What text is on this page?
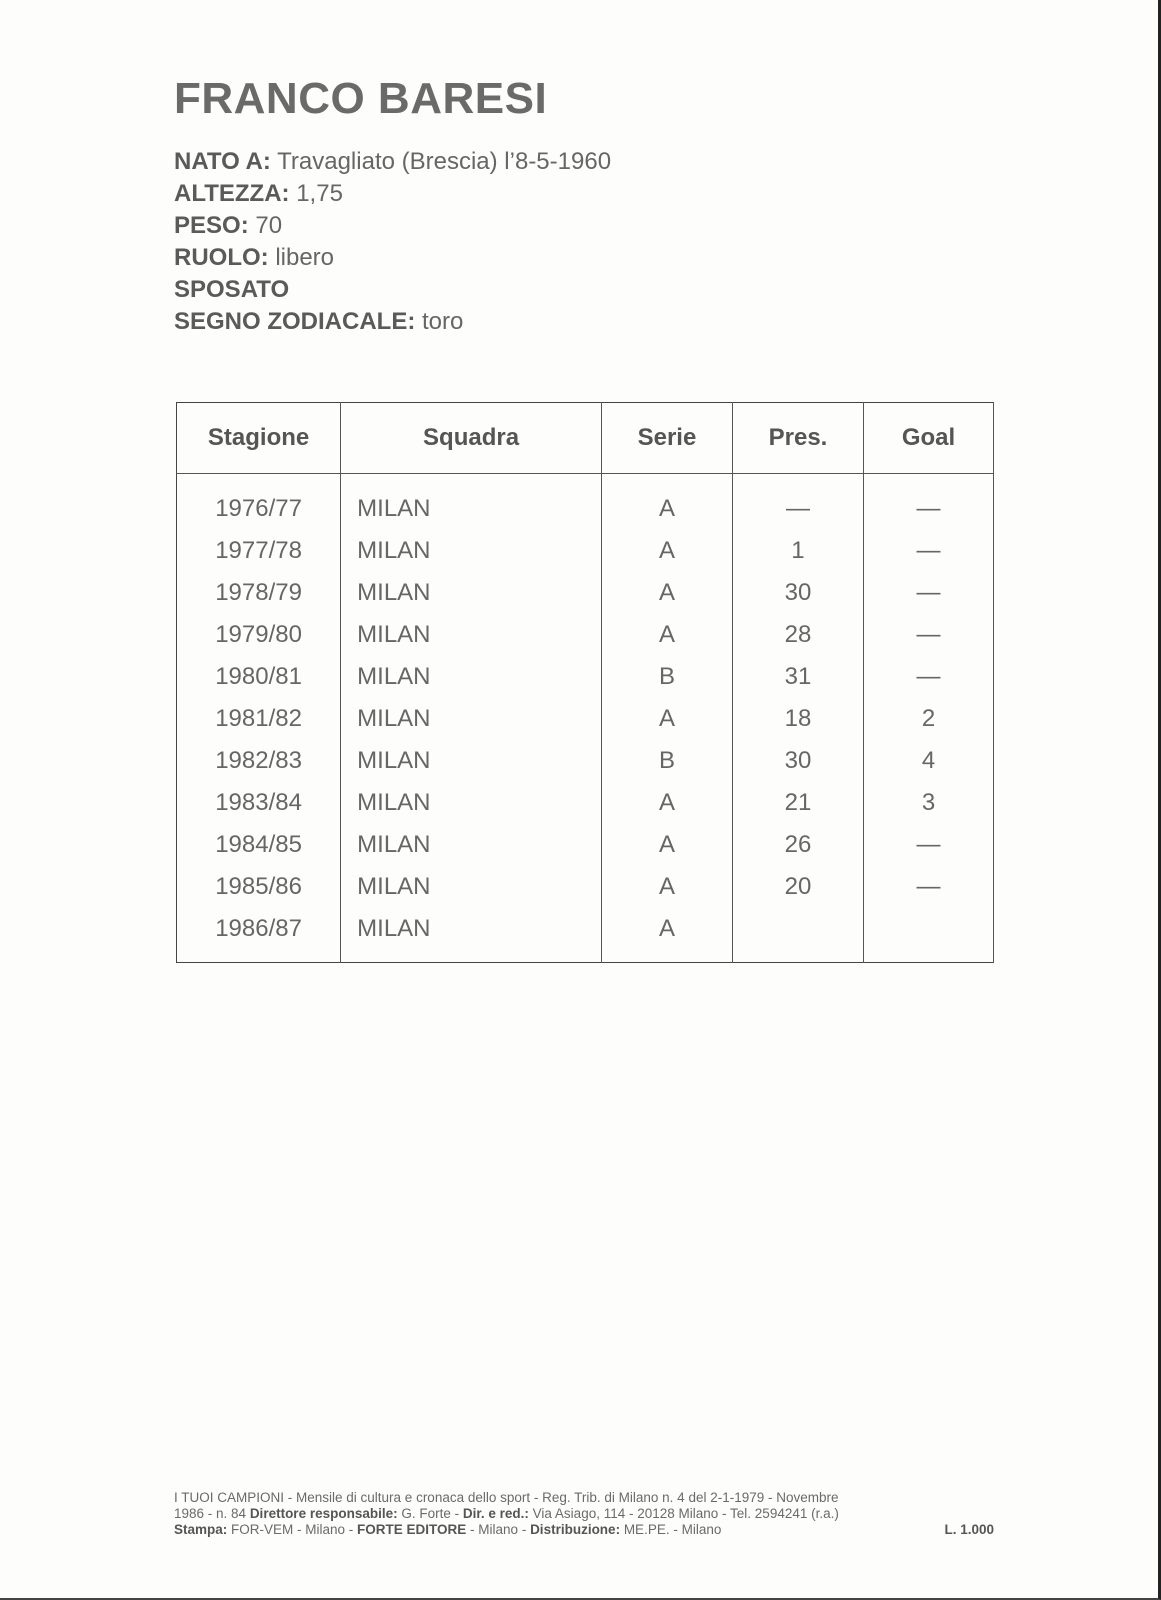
FRANCO BARESI
NATO A: Travagliato (Brescia) l’8-5-1960
ALTEZZA: 1,75
PESO: 70
RUOLO: libero
SPOSATO
SEGNO ZODIACALE: toro
Stagione	Squadra	Serie	Pres.	Goal
1976/77	MILAN	A	—	—
1977/78	MILAN	A	1	—
1978/79	MILAN	A	30	—
1979/80	MILAN	A	28	—
1980/81	MILAN	B	31	—
1981/82	MILAN	A	18	2
1982/83	MILAN	B	30	4
1983/84	MILAN	A	21	3
1984/85	MILAN	A	26	—
1985/86	MILAN	A	20	—
1986/87	MILAN	A		
I TUOI CAMPIONI - Mensile di cultura e cronaca dello sport - Reg. Trib. di Milano n. 4 del 2-1-1979 - Novembre
1986 - n. 84 Direttore responsabile: G. Forte - Dir. e red.: Via Asiago, 114 - 20128 Milano - Tel. 2594241 (r.a.)
Stampa: FOR-VEM - Milano - FORTE EDITORE - Milano - Distribuzione: ME.PE. - Milano	L. 1.000
